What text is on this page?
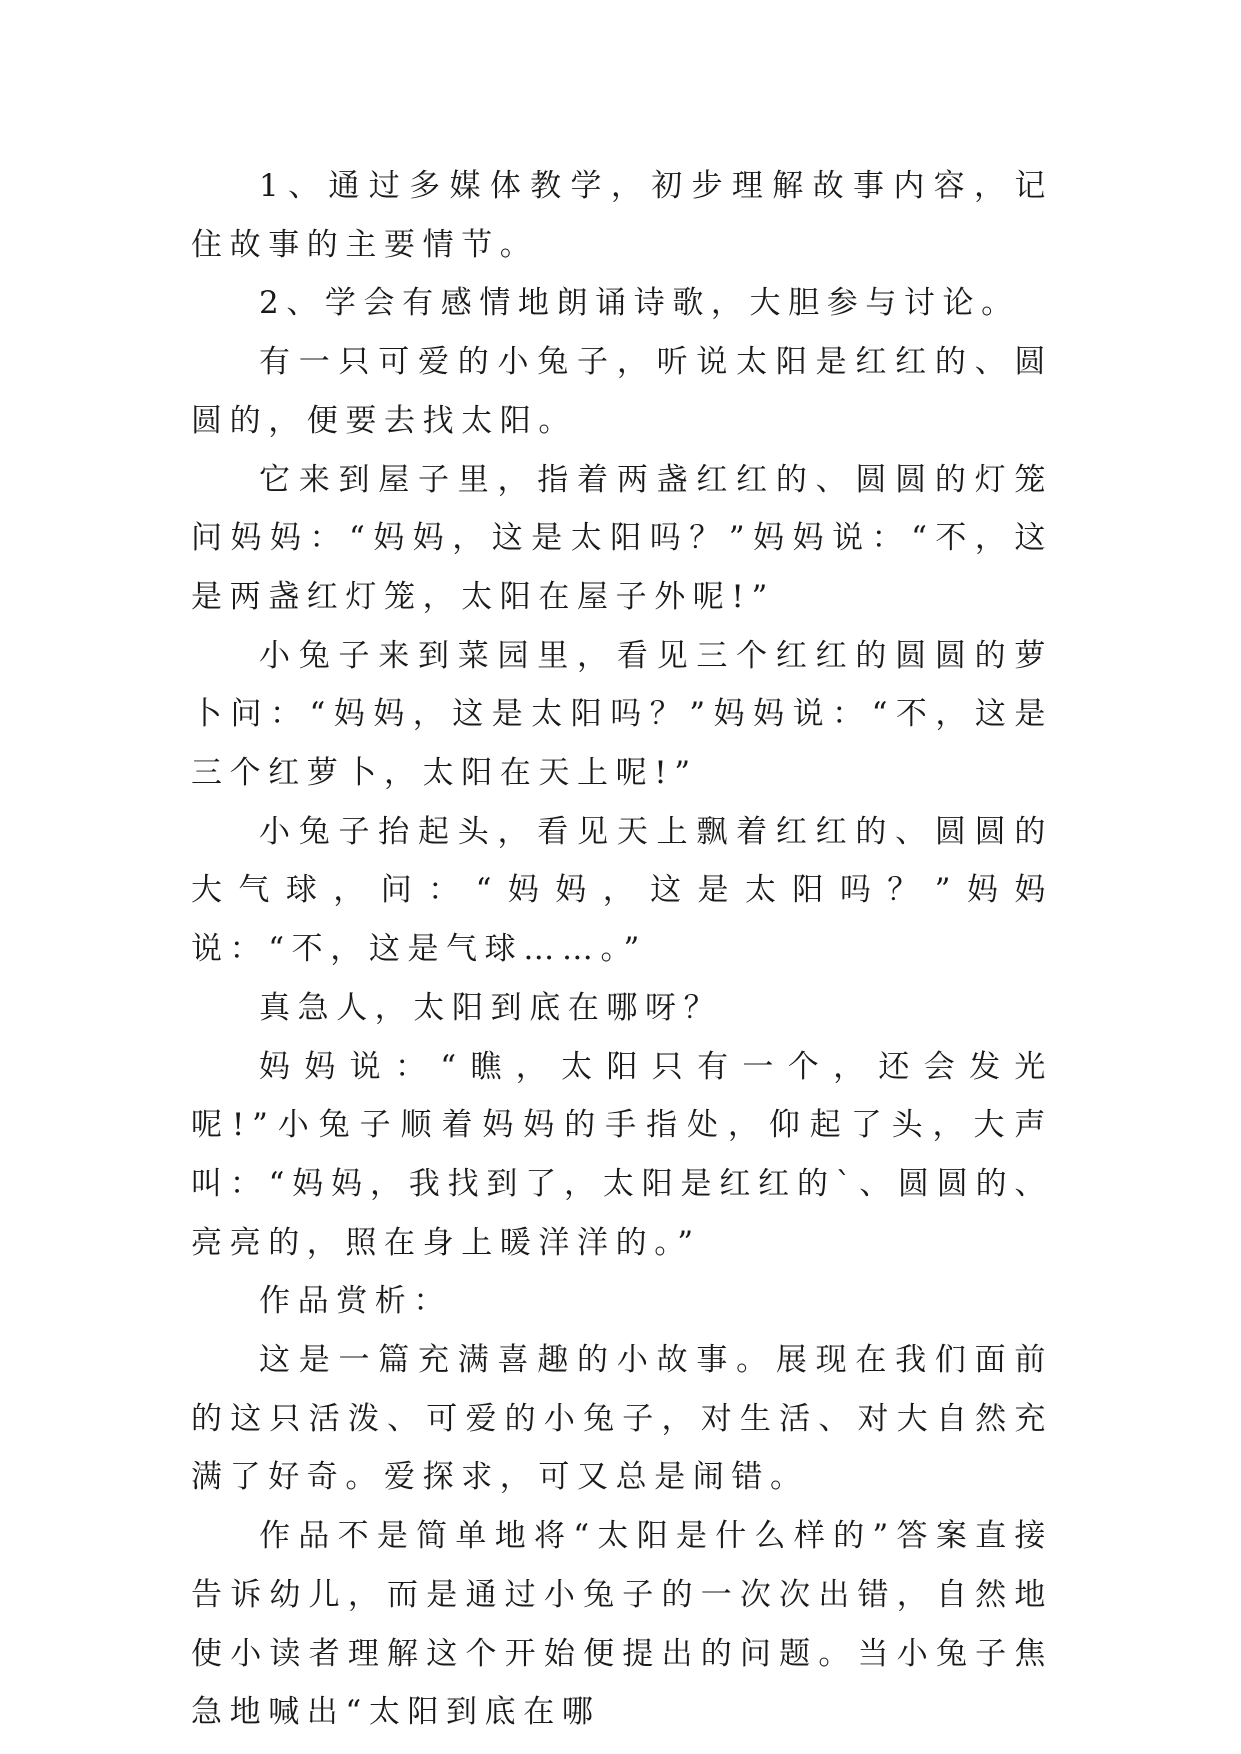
1、通过多媒体教学，初步理解故事内容，记住故事的主要情节。

2、学会有感情地朗诵诗歌，大胆参与讨论。

有一只可爱的小兔子，听说太阳是红红的、圆圆的，便要去找太阳。

它来到屋子里，指着两盏红红的、圆圆的灯笼问妈妈：“妈妈，这是太阳吗？”妈妈说：“不，这是两盏红灯笼，太阳在屋子外呢!”

小兔子来到菜园里，看见三个红红的圆圆的萝卜问：“妈妈，这是太阳吗？”妈妈说：“不，这是三个红萝卜，太阳在天上呢!”

小兔子抬起头，看见天上飘着红红的、圆圆的大气球，问：“妈妈，这是太阳吗？”妈妈说：“不，这是气球……。”

真急人，太阳到底在哪呀？

妈妈说：“瞧，太阳只有一个，还会发光呢!”小兔子顺着妈妈的手指处，仰起了头，大声叫：“妈妈，我找到了，太阳是红红的`、圆圆的、亮亮的，照在身上暖洋洋的。”

作品赏析：

这是一篇充满喜趣的小故事。展现在我们面前的这只活泼、可爱的小兔子，对生活、对大自然充满了好奇。爱探求，可又总是闹错。

作品不是简单地将“太阳是什么样的”答案直接告诉幼儿，而是通过小兔子的一次次出错，自然地使小读者理解这个开始便提出的问题。当小兔子焦急地喊出“太阳到底在哪
